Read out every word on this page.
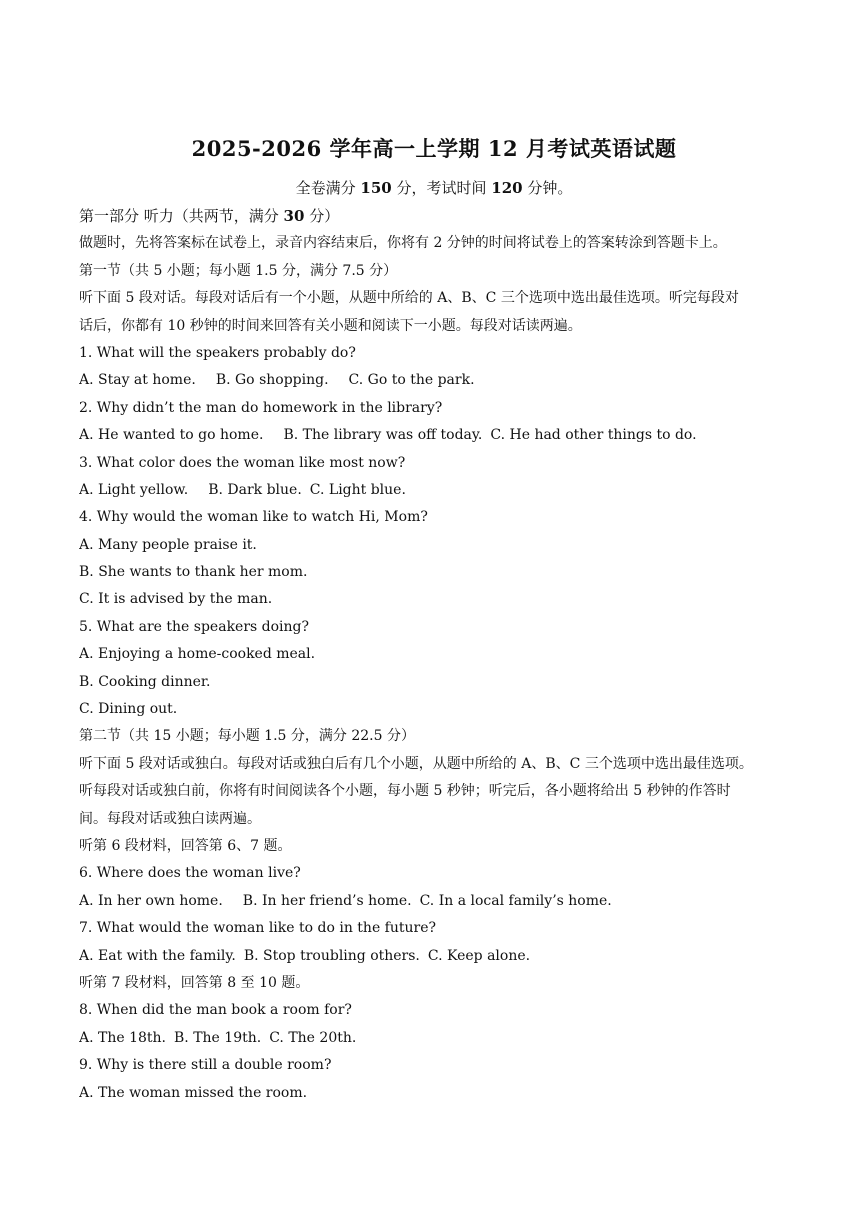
2025-2026 学年高一上学期 12 月考试英语试题
全卷满分 150 分，考试时间 120 分钟。
第一部分 听力（共两节，满分 30 分）
做题时，先将答案标在试卷上，录音内容结束后，你将有 2 分钟的时间将试卷上的答案转涂到答题卡上。
第一节（共 5 小题；每小题 1.5 分，满分 7.5 分）
听下面 5 段对话。每段对话后有一个小题，从题中所给的 A、B、C 三个选项中选出最佳选项。听完每段对
话后，你都有 10 秒钟的时间来回答有关小题和阅读下一小题。每段对话读两遍。
1. What will the speakers probably do?
A. Stay at home. B. Go shopping. C. Go to the park.
2. Why didn’t the man do homework in the library?
A. He wanted to go home. B. The library was off today. C. He had other things to do.
3. What color does the woman like most now?
A. Light yellow. B. Dark blue. C. Light blue.
4. Why would the woman like to watch Hi, Mom?
A. Many people praise it.
B. She wants to thank her mom.
C. It is advised by the man.
5. What are the speakers doing?
A. Enjoying a home-cooked meal.
B. Cooking dinner.
C. Dining out.
第二节（共 15 小题；每小题 1.5 分，满分 22.5 分）
听下面 5 段对话或独白。每段对话或独白后有几个小题，从题中所给的 A、B、C 三个选项中选出最佳选项。
听每段对话或独白前，你将有时间阅读各个小题，每小题 5 秒钟；听完后，各小题将给出 5 秒钟的作答时
间。每段对话或独白读两遍。
听第 6 段材料，回答第 6、7 题。
6. Where does the woman live?
A. In her own home. B. In her friend’s home. C. In a local family’s home.
7. What would the woman like to do in the future?
A. Eat with the family. B. Stop troubling others. C. Keep alone.
听第 7 段材料，回答第 8 至 10 题。
8. When did the man book a room for?
A. The 18th. B. The 19th. C. The 20th.
9. Why is there still a double room?
A. The woman missed the room.
